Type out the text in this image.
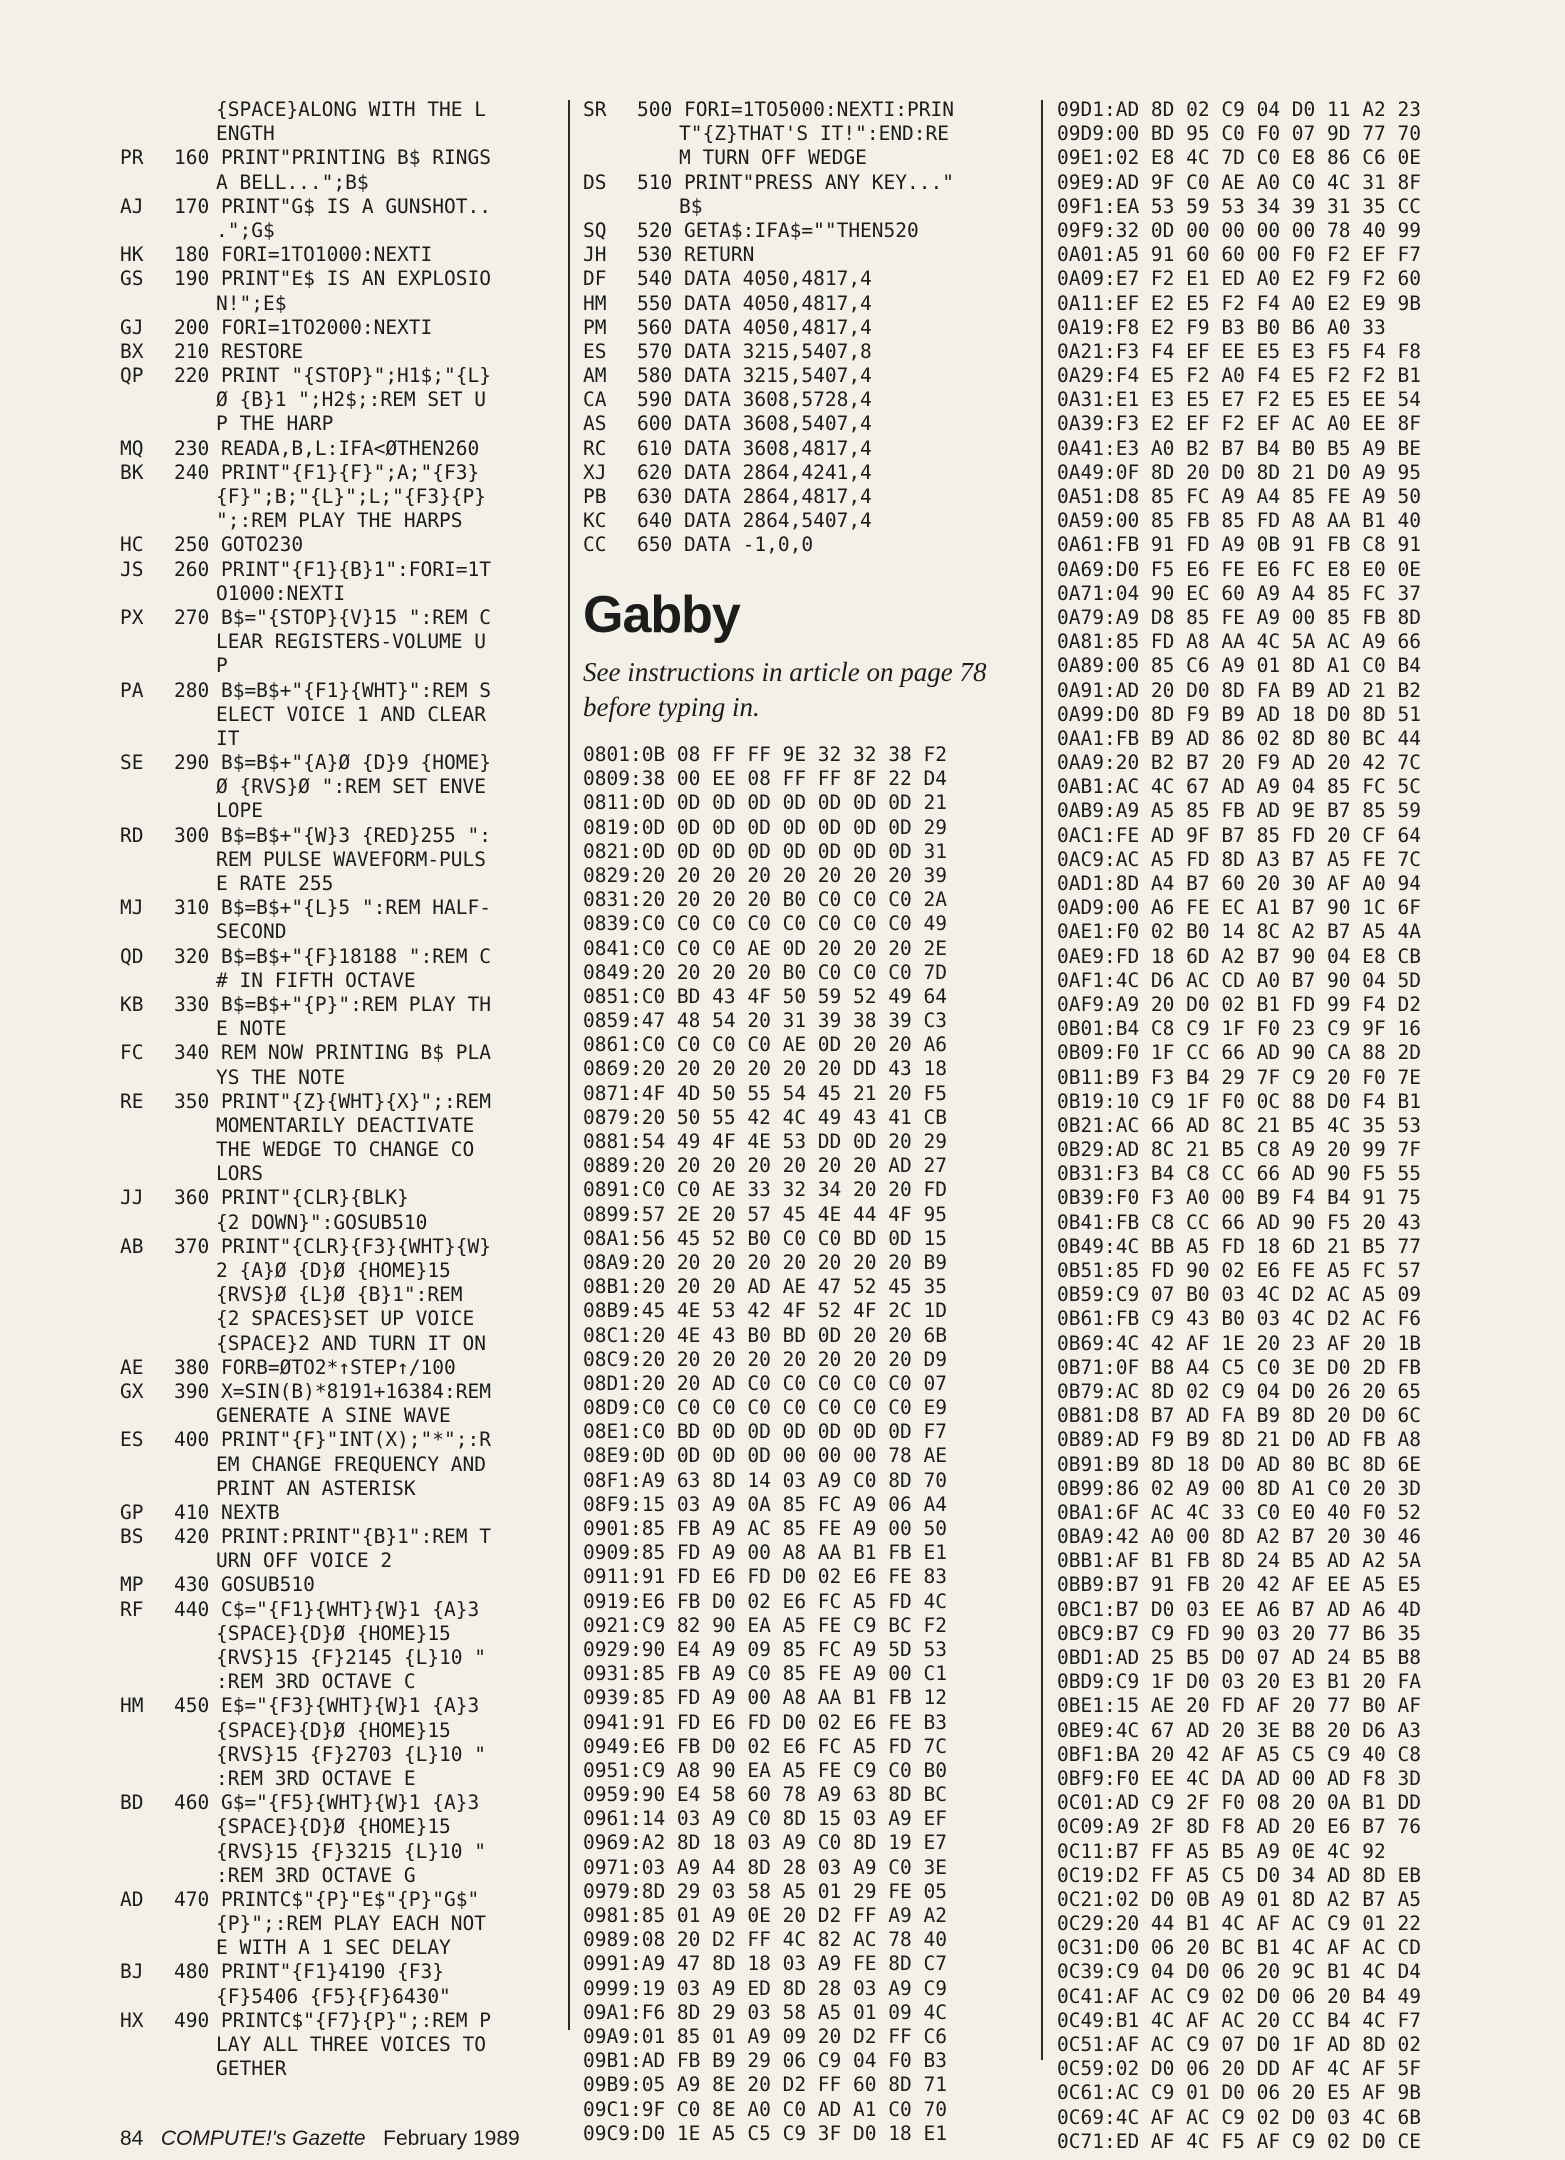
{SPACE}ALONG WITH THE L
ENGTH
PR 160 PRINT"PRINTING B$ RINGS
A BELL...";B$
AJ 170 PRINT"G$ IS A GUNSHOT..
.";G$
HK 180 FORI=1TO1000:NEXTI
GS 190 PRINT"E$ IS AN EXPLOSIO
N!";E$
GJ 200 FORI=1TO2000:NEXTI
BX 210 RESTORE
QP 220 PRINT "{STOP}";H1$;"{L}
Ø {B}1 ";H2$;:REM SET U
P THE HARP
MQ 230 READA,B,L:IFA<ØTHEN260
BK 240 PRINT"{F1}{F}";A;"{F3}
{F}";B;"{L}";L;"{F3}{P}
";:REM PLAY THE HARPS
HC 250 GOTO230
JS 260 PRINT"{F1}{B}1":FORI=1T
O1000:NEXTI
PX 270 B$="{STOP}{V}15 ":REM C
LEAR REGISTERS-VOLUME U
P
PA 280 B$=B$+"{F1}{WHT}":REM S
ELECT VOICE 1 AND CLEAR
IT
SE 290 B$=B$+"{A}Ø {D}9 {HOME}
Ø {RVS}Ø ":REM SET ENVE
LOPE
RD 300 B$=B$+"{W}3 {RED}255 ":
REM PULSE WAVEFORM-PULS
E RATE 255
MJ 310 B$=B$+"{L}5 ":REM HALF-
SECOND
QD 320 B$=B$+"{F}18188 ":REM C
# IN FIFTH OCTAVE
KB 330 B$=B$+"{P}":REM PLAY TH
E NOTE
FC 340 REM NOW PRINTING B$ PLA
YS THE NOTE
RE 350 PRINT"{Z}{WHT}{X}";:REM
MOMENTARILY DEACTIVATE
THE WEDGE TO CHANGE CO
LORS
JJ 360 PRINT"{CLR}{BLK}
{2 DOWN}":GOSUB510
AB 370 PRINT"{CLR}{F3}{WHT}{W}
2 {A}Ø {D}Ø {HOME}15
{RVS}Ø {L}Ø {B}1":REM
{2 SPACES}SET UP VOICE
{SPACE}2 AND TURN IT ON
AE 380 FORB=ØTO2*↑STEP↑/100
GX 390 X=SIN(B)*8191+16384:REM
GENERATE A SINE WAVE
ES 400 PRINT"{F}"INT(X);"*";:R
EM CHANGE FREQUENCY AND
PRINT AN ASTERISK
GP 410 NEXTB
BS 420 PRINT:PRINT"{B}1":REM T
URN OFF VOICE 2
MP 430 GOSUB510
RF 440 C$="{F1}{WHT}{W}1 {A}3
{SPACE}{D}Ø {HOME}15
{RVS}15 {F}2145 {L}10 "
:REM 3RD OCTAVE C
HM 450 E$="{F3}{WHT}{W}1 {A}3
{SPACE}{D}Ø {HOME}15
{RVS}15 {F}2703 {L}10 "
:REM 3RD OCTAVE E
BD 460 G$="{F5}{WHT}{W}1 {A}3
{SPACE}{D}Ø {HOME}15
{RVS}15 {F}3215 {L}10 "
:REM 3RD OCTAVE G
AD 470 PRINTC$"{P}"E$"{P}"G$"
{P}";:REM PLAY EACH NOT
E WITH A 1 SEC DELAY
BJ 480 PRINT"{F1}4190 {F3}
{F}5406 {F5}{F}6430"
HX 490 PRINTC$"{F7}{P}";:REM P
LAY ALL THREE VOICES TO
GETHER
SR 500 FORI=1TO5000:NEXTI:PRIN
T"{Z}THAT'S IT!":END:RE
M TURN OFF WEDGE
DS 510 PRINT"PRESS ANY KEY..."
B$
SQ 520 GETA$:IFA$=""THEN520
JH 530 RETURN
DF 540 DATA 4050,4817,4
HM 550 DATA 4050,4817,4
PM 560 DATA 4050,4817,4
ES 570 DATA 3215,5407,8
AM 580 DATA 3215,5407,4
CA 590 DATA 3608,5728,4
AS 600 DATA 3608,5407,4
RC 610 DATA 3608,4817,4
XJ 620 DATA 2864,4241,4
PB 630 DATA 2864,4817,4
KC 640 DATA 2864,5407,4
CC 650 DATA -1,0,0
Gabby
See instructions in article on page 78 before typing in.
0801:0B 08 FF FF 9E 32 32 38 F2
0809:38 00 EE 08 FF FF 8F 22 D4
0811:0D 0D 0D 0D 0D 0D 0D 0D 21
0819:0D 0D 0D 0D 0D 0D 0D 0D 29
0821:0D 0D 0D 0D 0D 0D 0D 0D 31
0829:20 20 20 20 20 20 20 20 39
0831:20 20 20 20 B0 C0 C0 C0 2A
0839:C0 C0 C0 C0 C0 C0 C0 C0 49
0841:C0 C0 C0 AE 0D 20 20 20 2E
0849:20 20 20 20 B0 C0 C0 C0 7D
0851:C0 BD 43 4F 50 59 52 49 64
0859:47 48 54 20 31 39 38 39 C3
0861:C0 C0 C0 C0 AE 0D 20 20 A6
0869:20 20 20 20 20 20 DD 43 18
0871:4F 4D 50 55 54 45 21 20 F5
0879:20 50 55 42 4C 49 43 41 CB
0881:54 49 4F 4E 53 DD 0D 20 29
0889:20 20 20 20 20 20 20 AD 27
0891:C0 C0 AE 33 32 34 20 20 FD
0899:57 2E 20 57 45 4E 44 4F 95
08A1:56 45 52 B0 C0 C0 BD 0D 15
08A9:20 20 20 20 20 20 20 20 B9
08B1:20 20 20 AD AE 47 52 45 35
08B9:45 4E 53 42 4F 52 4F 2C 1D
08C1:20 4E 43 B0 BD 0D 20 20 6B
08C9:20 20 20 20 20 20 20 20 D9
08D1:20 20 AD C0 C0 C0 C0 C0 07
08D9:C0 C0 C0 C0 C0 C0 C0 C0 E9
08E1:C0 BD 0D 0D 0D 0D 0D 0D F7
08E9:0D 0D 0D 0D 00 00 00 78 AE
08F1:A9 63 8D 14 03 A9 C0 8D 70
08F9:15 03 A9 0A 85 FC A9 06 A4
0901:85 FB A9 AC 85 FE A9 00 50
0909:85 FD A9 00 A8 AA B1 FB E1
0911:91 FD E6 FD D0 02 E6 FE 83
0919:E6 FB D0 02 E6 FC A5 FD 4C
0921:C9 82 90 EA A5 FE C9 BC F2
0929:90 E4 A9 09 85 FC A9 5D 53
0931:85 FB A9 C0 85 FE A9 00 C1
0939:85 FD A9 00 A8 AA B1 FB 12
0941:91 FD E6 FD D0 02 E6 FE B3
0949:E6 FB D0 02 E6 FC A5 FD 7C
0951:C9 A8 90 EA A5 FE C9 C0 B0
0959:90 E4 58 60 78 A9 63 8D BC
0961:14 03 A9 C0 8D 15 03 A9 EF
0969:A2 8D 18 03 A9 C0 8D 19 E7
0971:03 A9 A4 8D 28 03 A9 C0 3E
0979:8D 29 03 58 A5 01 29 FE 05
0981:85 01 A9 0E 20 D2 FF A9 A2
0989:08 20 D2 FF 4C 82 AC 78 40
0991:A9 47 8D 18 03 A9 FE 8D C7
0999:19 03 A9 ED 8D 28 03 A9 C9
09A1:F6 8D 29 03 58 A5 01 09 4C
09A9:01 85 01 A9 09 20 D2 FF C6
09B1:AD FB B9 29 06 C9 04 F0 B3
09B9:05 A9 8E 20 D2 FF 60 8D 71
09C1:9F C0 8E A0 C0 AD A1 C0 70
09C9:D0 1E A5 C5 C9 3F D0 18 E1
09D1:AD 8D 02 C9 04 D0 11 A2 23
09D9:00 BD 95 C0 F0 07 9D 77 70
09E1:02 E8 4C 7D C0 E8 86 C6 0E
09E9:AD 9F C0 AE A0 C0 4C 31 8F
09F1:EA 53 59 53 34 39 31 35 CC
09F9:32 0D 00 00 00 00 78 40 99
0A01:A5 91 60 60 00 F0 F2 EF F7
0A09:E7 F2 E1 ED A0 E2 F9 F2 60
0A11:EF E2 E5 F2 F4 A0 E2 E9 9B
0A19:F8 E2 F9 B3 B0 B6 A0 33
0A21:F3 F4 EF EE E5 E3 F5 F4 F8
0A29:F4 E5 F2 A0 F4 E5 F2 F2 B1
0A31:E1 E3 E5 E7 F2 E5 E5 EE 54
0A39:F3 E2 EF F2 EF AC A0 EE 8F
0A41:E3 A0 B2 B7 B4 B0 B5 A9 BE
0A49:0F 8D 20 D0 8D 21 D0 A9 95
0A51:D8 85 FC A9 A4 85 FE A9 50
0A59:00 85 FB 85 FD A8 AA B1 40
0A61:FB 91 FD A9 0B 91 FB C8 91
0A69:D0 F5 E6 FE E6 FC E8 E0 0E
0A71:04 90 EC 60 A9 A4 85 FC 37
0A79:A9 D8 85 FE A9 00 85 FB 8D
0A81:85 FD A8 AA 4C 5A AC A9 66
0A89:00 85 C6 A9 01 8D A1 C0 B4
0A91:AD 20 D0 8D FA B9 AD 21 B2
0A99:D0 8D F9 B9 AD 18 D0 8D 51
0AA1:FB B9 AD 86 02 8D 80 BC 44
0AA9:20 B2 B7 20 F9 AD 20 42 7C
0AB1:AC 4C 67 AD A9 04 85 FC 5C
0AB9:A9 A5 85 FB AD 9E B7 85 59
0AC1:FE AD 9F B7 85 FD 20 CF 64
0AC9:AC A5 FD 8D A3 B7 A5 FE 7C
0AD1:8D A4 B7 60 20 30 AF A0 94
0AD9:00 A6 FE EC A1 B7 90 1C 6F
0AE1:F0 02 B0 14 8C A2 B7 A5 4A
0AE9:FD 18 6D A2 B7 90 04 E8 CB
0AF1:4C D6 AC CD A0 B7 90 04 5D
0AF9:A9 20 D0 02 B1 FD 99 F4 D2
0B01:B4 C8 C9 1F F0 23 C9 9F 16
0B09:F0 1F CC 66 AD 90 CA 88 2D
0B11:B9 F3 B4 29 7F C9 20 F0 7E
0B19:10 C9 1F F0 0C 88 D0 F4 B1
0B21:AC 66 AD 8C 21 B5 4C 35 53
0B29:AD 8C 21 B5 C8 A9 20 99 7F
0B31:F3 B4 C8 CC 66 AD 90 F5 55
0B39:F0 F3 A0 00 B9 F4 B4 91 75
0B41:FB C8 CC 66 AD 90 F5 20 43
0B49:4C BB A5 FD 18 6D 21 B5 77
0B51:85 FD 90 02 E6 FE A5 FC 57
0B59:C9 07 B0 03 4C D2 AC A5 09
0B61:FB C9 43 B0 03 4C D2 AC F6
0B69:4C 42 AF 1E 20 23 AF 20 1B
0B71:0F B8 A4 C5 C0 3E D0 2D FB
0B79:AC 8D 02 C9 04 D0 26 20 65
0B81:D8 B7 AD FA B9 8D 20 D0 6C
0B89:AD F9 B9 8D 21 D0 AD FB A8
0B91:B9 8D 18 D0 AD 80 BC 8D 6E
0B99:86 02 A9 00 8D A1 C0 20 3D
0BA1:6F AC 4C 33 C0 E0 40 F0 52
0BA9:42 A0 00 8D A2 B7 20 30 46
0BB1:AF B1 FB 8D 24 B5 AD A2 5A
0BB9:B7 91 FB 20 42 AF EE A5 E5
0BC1:B7 D0 03 EE A6 B7 AD A6 4D
0BC9:B7 C9 FD 90 03 20 77 B6 35
0BD1:AD 25 B5 D0 07 AD 24 B5 B8
0BD9:C9 1F D0 03 20 E3 B1 20 FA
0BE1:15 AE 20 FD AF 20 77 B0 AF
0BE9:4C 67 AD 20 3E B8 20 D6 A3
0BF1:BA 20 42 AF A5 C5 C9 40 C8
0BF9:F0 EE 4C DA AD 00 AD F8 3D
0C01:AD C9 2F F0 08 20 0A B1 DD
0C09:A9 2F 8D F8 AD 20 E6 B7 76
0C11:B7 FF A5 B5 A9 0E 4C 92
0C19:D2 FF A5 C5 D0 34 AD 8D EB
0C21:02 D0 0B A9 01 8D A2 B7 A5
0C29:20 44 B1 4C AF AC C9 01 22
0C31:D0 06 20 BC B1 4C AF AC CD
0C39:C9 04 D0 06 20 9C B1 4C D4
0C41:AF AC C9 02 D0 06 20 B4 49
0C49:B1 4C AF AC 20 CC B4 4C F7
0C51:AF AC C9 07 D0 1F AD 8D 02
0C59:02 D0 06 20 DD AF 4C AF 5F
0C61:AC C9 01 D0 06 20 E5 AF 9B
0C69:4C AF AC C9 02 D0 03 4C 6B
0C71:ED AF 4C F5 AF C9 02 D0 CE
84 COMPUTE!'s Gazette February 1989
